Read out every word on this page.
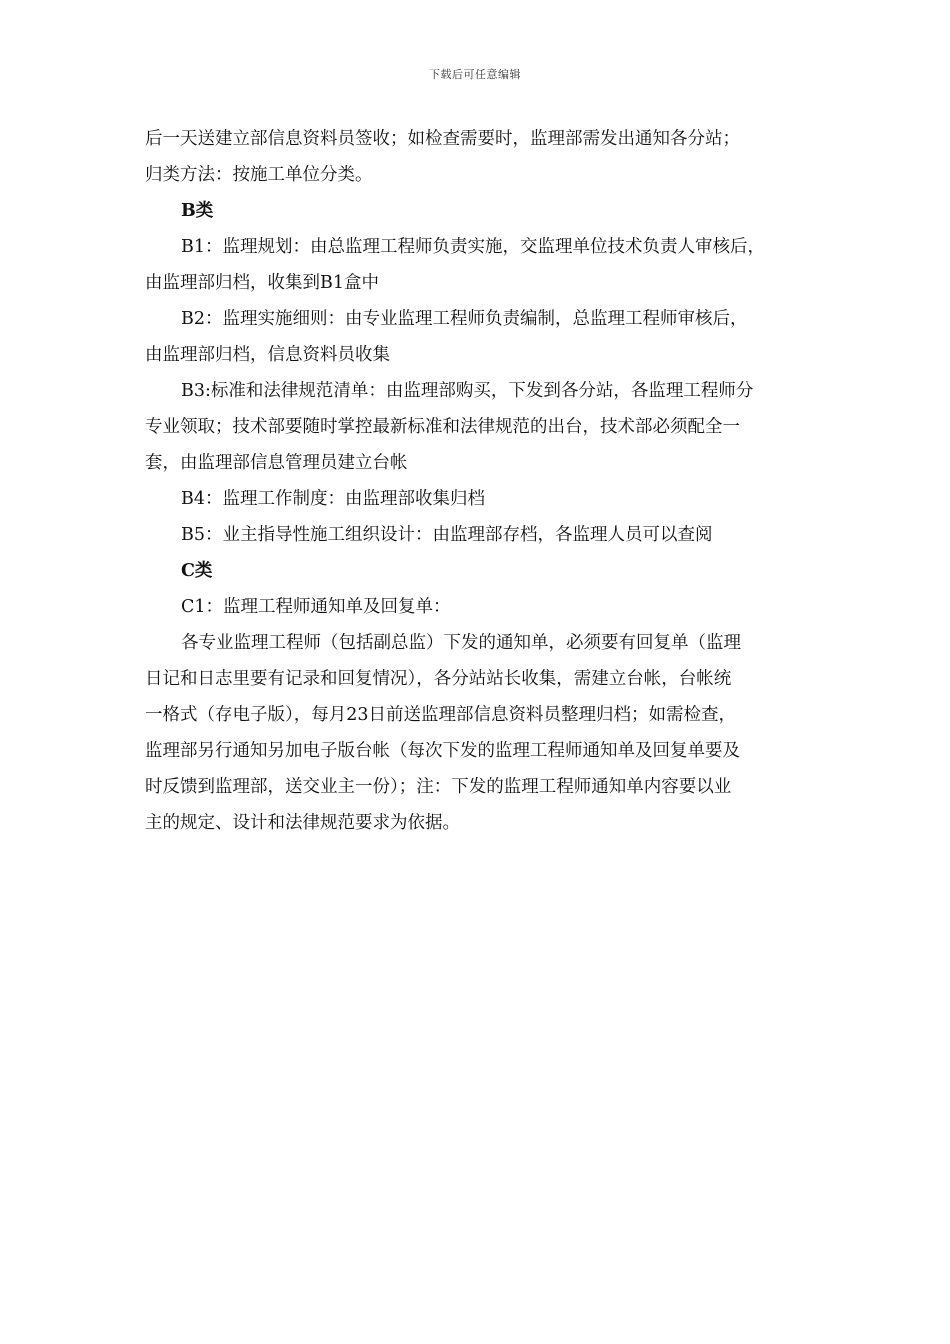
下载后可任意编辑
后一天送建立部信息资料员签收；如检查需要时，监理部需发出通知各分站；
归类方法：按施工单位分类。
B类
B1：监理规划：由总监理工程师负责实施，交监理单位技术负责人审核后，
由监理部归档，收集到B1盒中
B2：监理实施细则：由专业监理工程师负责编制，总监理工程师审核后，
由监理部归档，信息资料员收集
B3:标准和法律规范清单：由监理部购买，下发到各分站，各监理工程师分
专业领取；技术部要随时掌控最新标准和法律规范的出台，技术部必须配全一
套，由监理部信息管理员建立台帐
B4：监理工作制度：由监理部收集归档
B5：业主指导性施工组织设计：由监理部存档，各监理人员可以查阅
C类
C1：监理工程师通知单及回复单：
各专业监理工程师（包括副总监）下发的通知单，必须要有回复单（监理
日记和日志里要有记录和回复情况），各分站站长收集，需建立台帐，台帐统
一格式（存电子版），每月23日前送监理部信息资料员整理归档；如需检查，
监理部另行通知另加电子版台帐（每次下发的监理工程师通知单及回复单要及
时反馈到监理部，送交业主一份）；注：下发的监理工程师通知单内容要以业
主的规定、设计和法律规范要求为依据。
